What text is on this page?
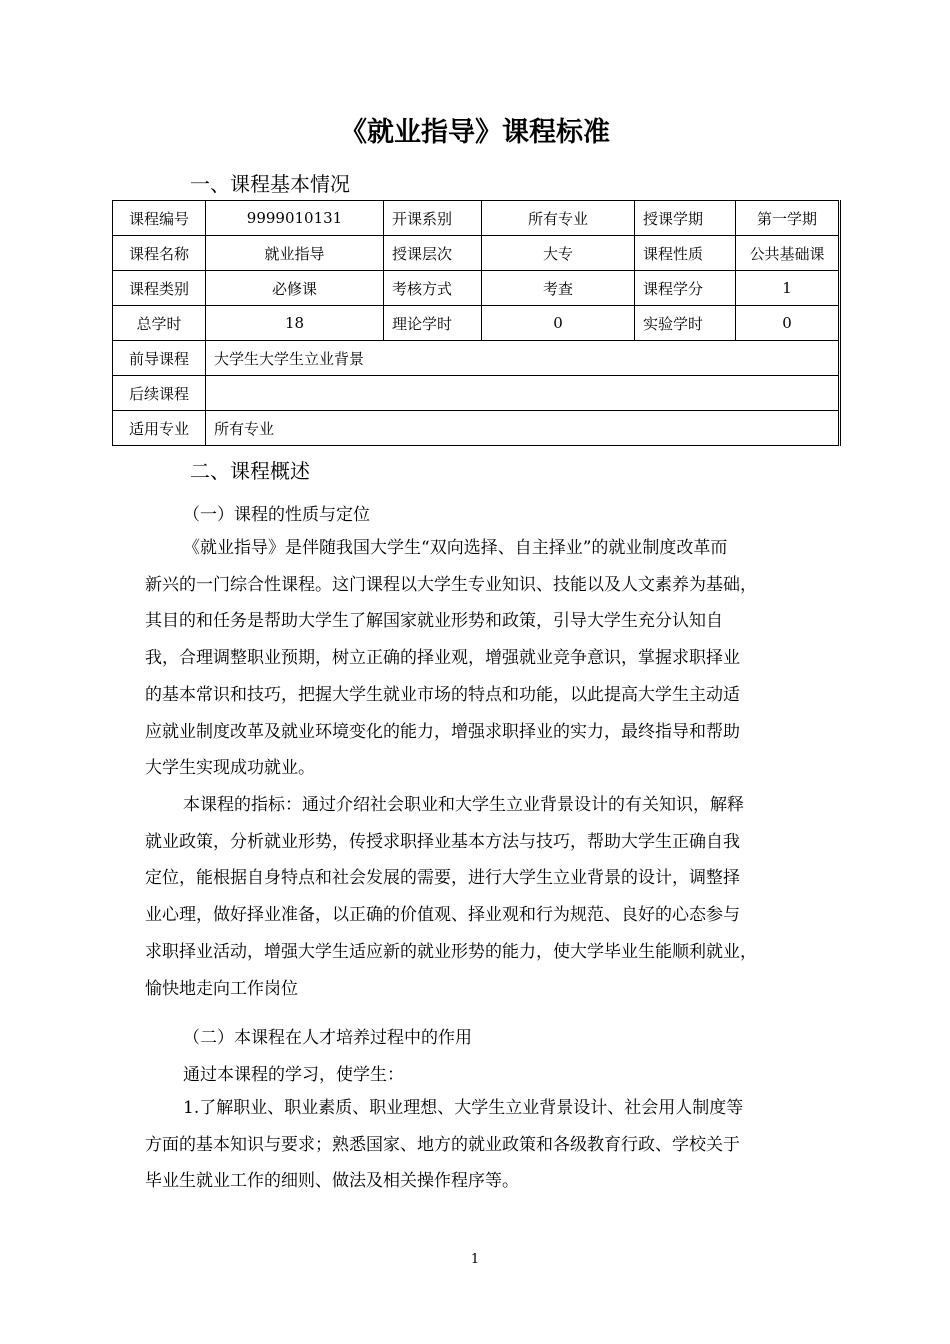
《就业指导》课程标准
一、课程基本情况
课程编号	9999010131	开课系别	所有专业	授课学期	第一学期
课程名称	就业指导	授课层次	大专	课程性质	公共基础课
课程类别	必修课	考核方式	考查	课程学分	1
总学时	18	理论学时	0	实验学时	0
前导课程	大学生大学生立业背景				
后续课程					
适用专业	所有专业				
二、课程概述
（一）课程的性质与定位
《就业指导》是伴随我国大学生“双向选择、自主择业”的就业制度改革而
新兴的一门综合性课程。这门课程以大学生专业知识、技能以及人文素养为基础，
其目的和任务是帮助大学生了解国家就业形势和政策，引导大学生充分认知自
我，合理调整职业预期，树立正确的择业观，增强就业竞争意识，掌握求职择业
的基本常识和技巧，把握大学生就业市场的特点和功能，以此提高大学生主动适
应就业制度改革及就业环境变化的能力，增强求职择业的实力，最终指导和帮助
大学生实现成功就业。
本课程的指标：通过介绍社会职业和大学生立业背景设计的有关知识，解释
就业政策，分析就业形势，传授求职择业基本方法与技巧，帮助大学生正确自我
定位，能根据自身特点和社会发展的需要，进行大学生立业背景的设计，调整择
业心理，做好择业准备，以正确的价值观、择业观和行为规范、良好的心态参与
求职择业活动，增强大学生适应新的就业形势的能力，使大学毕业生能顺利就业，
愉快地走向工作岗位
（二）本课程在人才培养过程中的作用
通过本课程的学习，使学生：
1.了解职业、职业素质、职业理想、大学生立业背景设计、社会用人制度等
方面的基本知识与要求；熟悉国家、地方的就业政策和各级教育行政、学校关于
毕业生就业工作的细则、做法及相关操作程序等。
1
